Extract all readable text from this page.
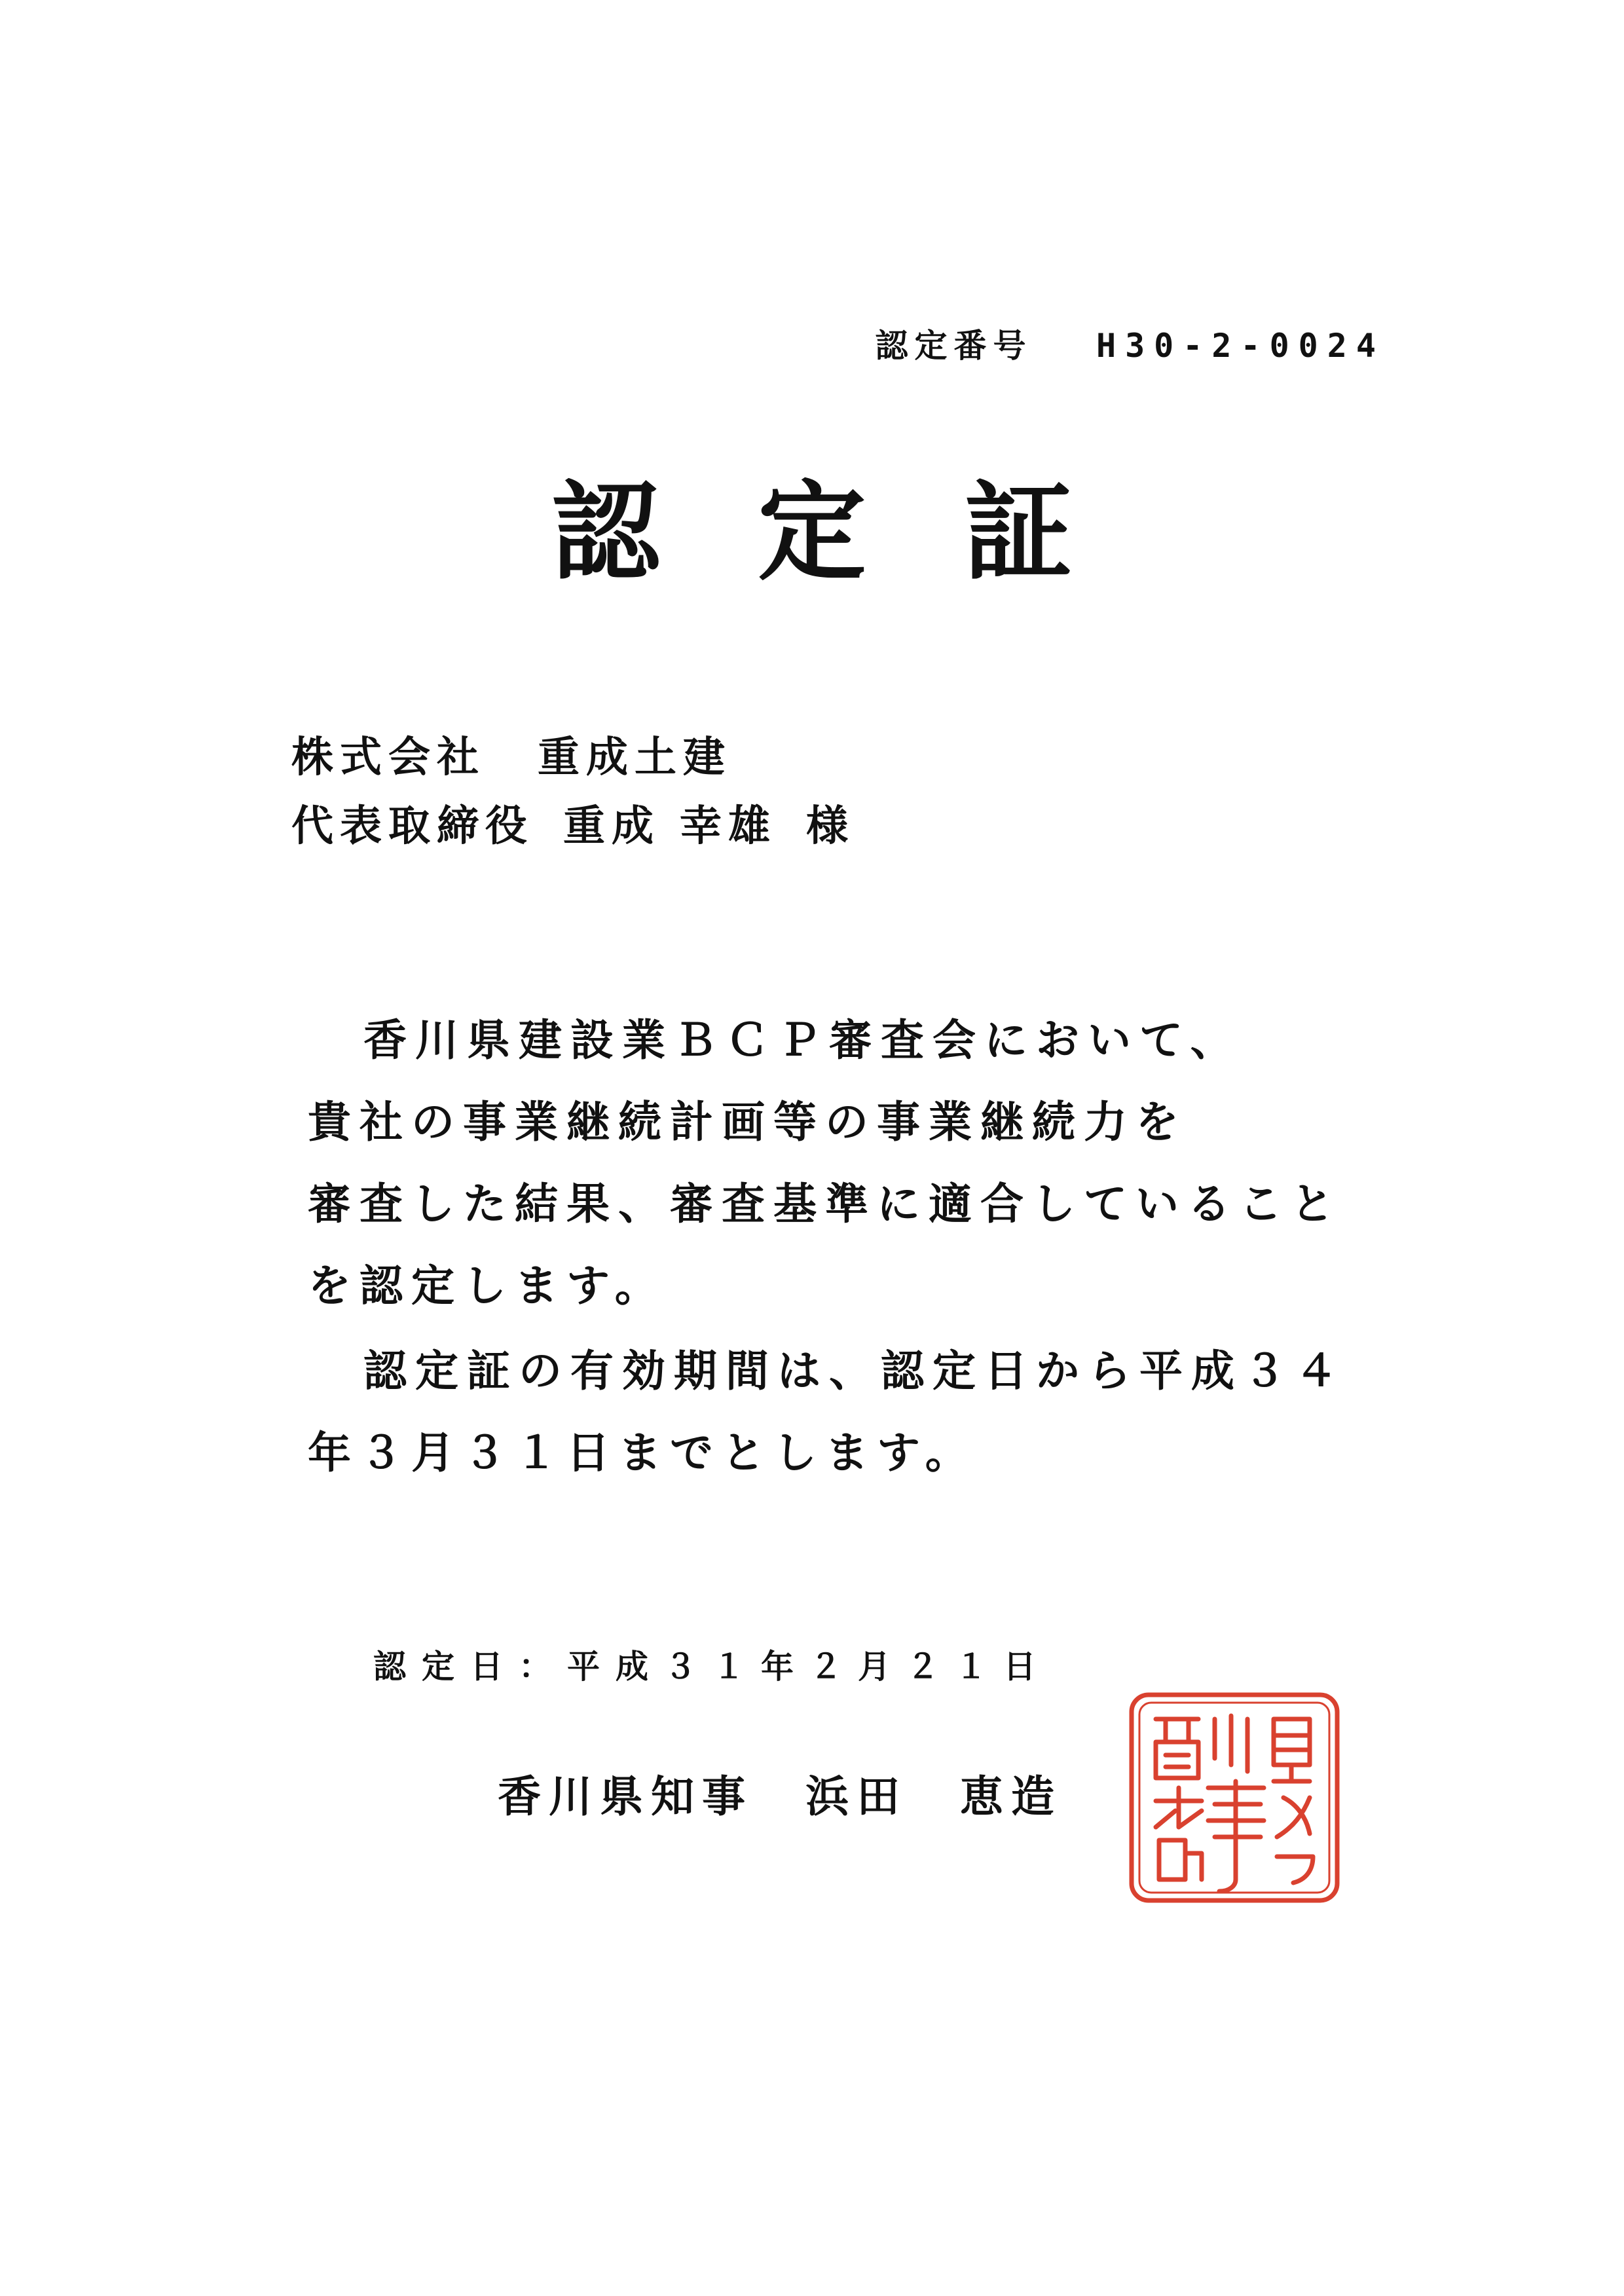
認定番号 H30-2-0024
認定証
株式会社 重成土建
代表取締役 重成 幸雄 様
香川県建設業ＢＣＰ審査会において、
貴社の事業継続計画等の事業継続力を
審査した結果、審査基準に適合していること
を認定します。
認定証の有効期間は、認定日から平成３４
年３月３１日までとします。
認定日：平成３１年２月２１日
香川県知事 浜田 恵造
